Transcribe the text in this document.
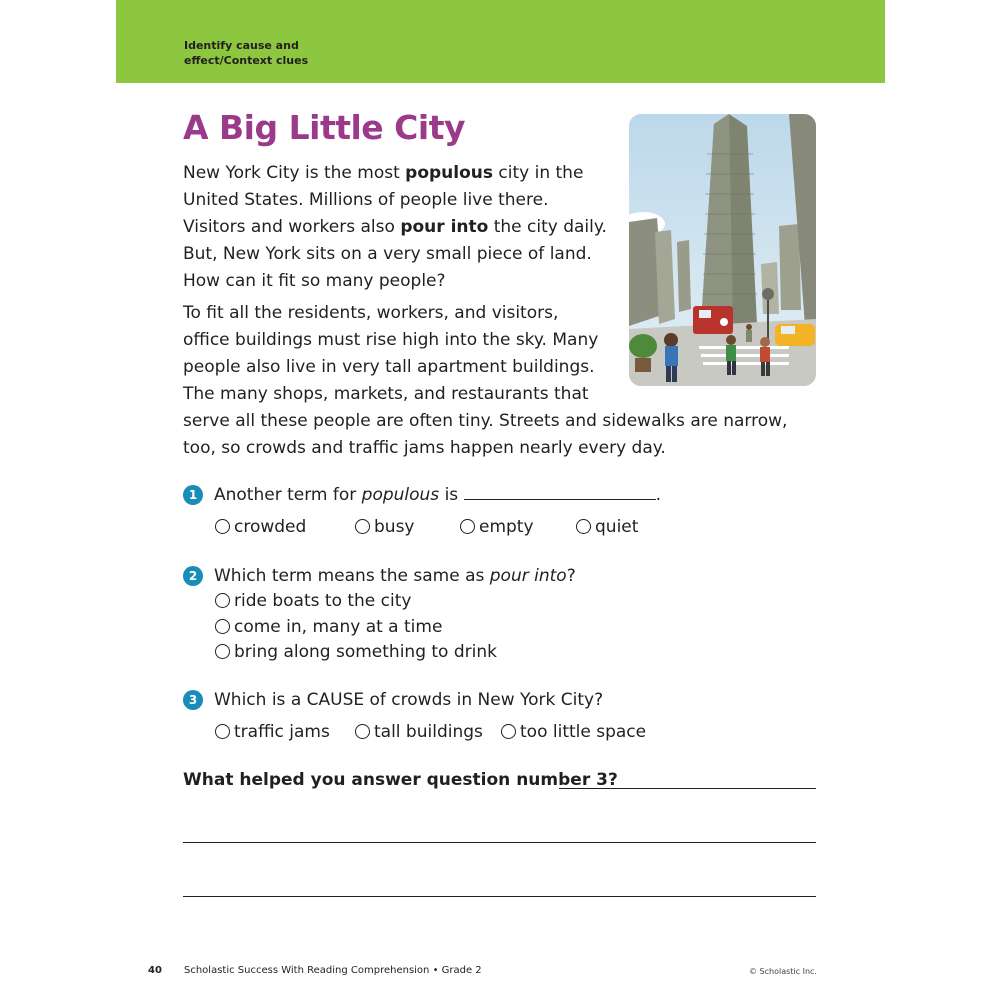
Identify cause and
effect/Context clues
A Big Little City
New York City is the most populous city in the
United States. Millions of people live there.
Visitors and workers also pour into the city daily.
But, New York sits on a very small piece of land.
How can it fit so many people?
To fit all the residents, workers, and visitors,
office buildings must rise high into the sky. Many
people also live in very tall apartment buildings.
The many shops, markets, and restaurants that
serve all these people are often tiny. Streets and sidewalks are narrow,
too, so crowds and traffic jams happen nearly every day.
1 Another term for populous is	.
crowded	busy	empty	quiet
2 Which term means the same as pour into?
ride boats to the city
come in, many at a time
bring along something to drink
3 Which is a CAUSE of crowds in New York City?
traffic jams	tall buildings	too little space
What helped you answer question number 3?
40 Scholastic Success With Reading Comprehension • Grade 2	© Scholastic Inc.
